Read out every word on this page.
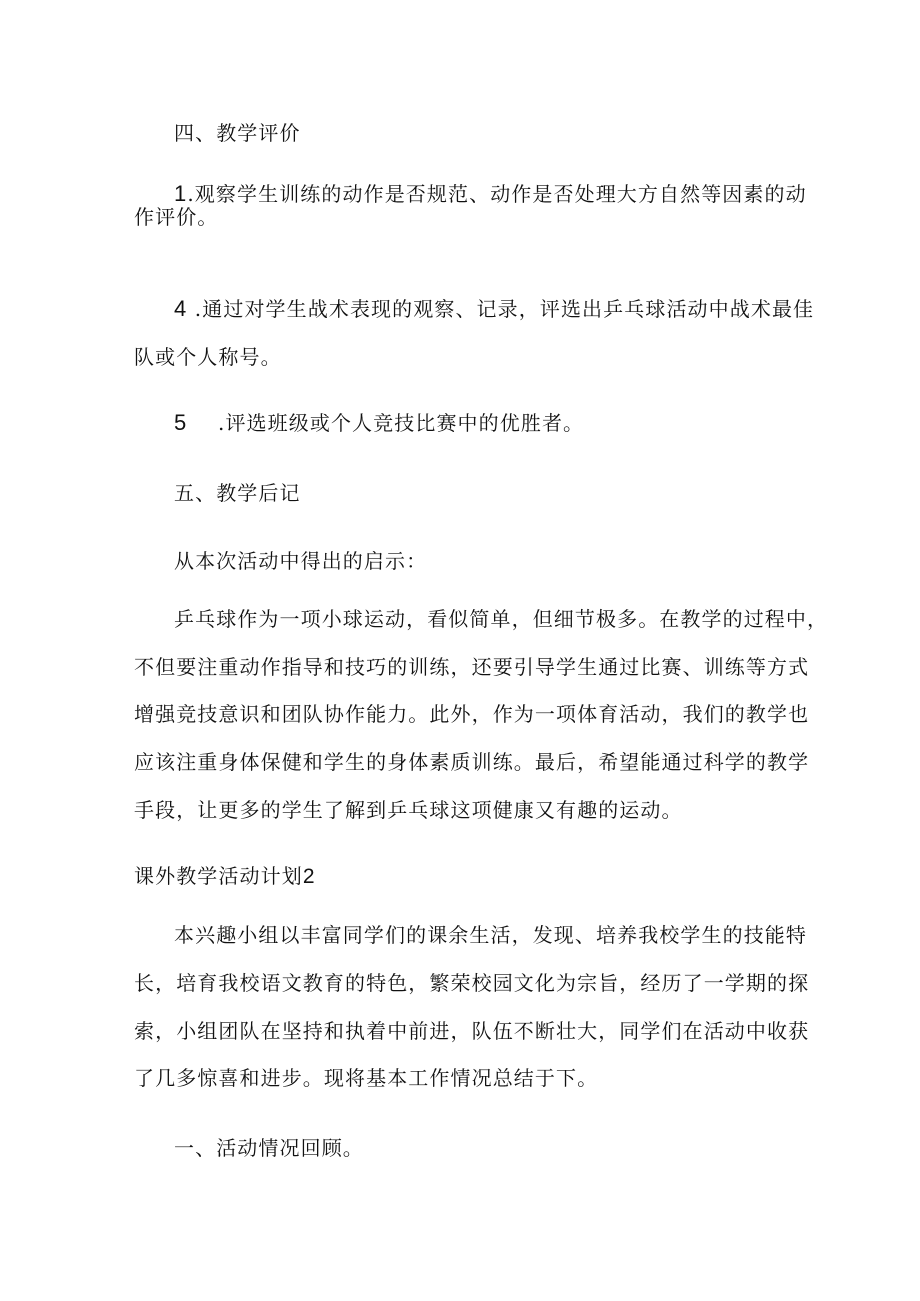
四、教学评价
1.观察学生训练的动作是否规范、动作是否处理大方自然等因素的动
作评价。
4 .通过对学生战术表现的观察、记录，评选出乒乓球活动中战术最佳
队或个人称号。
5 .评选班级或个人竞技比赛中的优胜者。
五、教学后记
从本次活动中得出的启示：
乒乓球作为一项小球运动，看似简单，但细节极多。在教学的过程中，
不但要注重动作指导和技巧的训练，还要引导学生通过比赛、训练等方式
增强竞技意识和团队协作能力。此外，作为一项体育活动，我们的教学也
应该注重身体保健和学生的身体素质训练。最后，希望能通过科学的教学
手段，让更多的学生了解到乒乓球这项健康又有趣的运动。
课外教学活动计划2
本兴趣小组以丰富同学们的课余生活，发现、培养我校学生的技能特
长，培育我校语文教育的特色，繁荣校园文化为宗旨，经历了一学期的探
索，小组团队在坚持和执着中前进，队伍不断壮大，同学们在活动中收获
了几多惊喜和进步。现将基本工作情况总结于下。
一、活动情况回顾。
